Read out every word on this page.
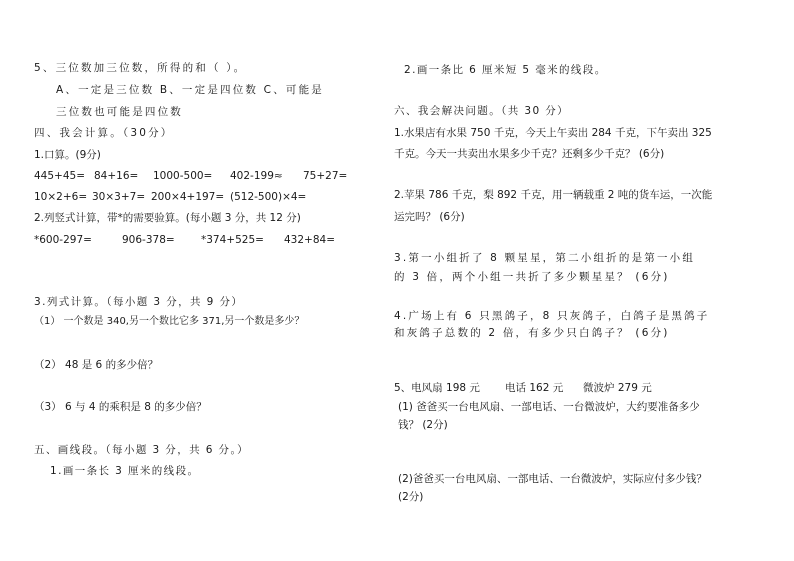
5、三位数加三位数，所得的和（ ）。
A、一定是三位数 B、一定是四位数 C、可能是
三位数也可能是四位数
四、我会计算。（30分）
1.口算。(9分)
445+45= 84+16= 1000-500= 402-199≈ 75+27=
10×2+6= 30×3+7= 200×4+197= (512-500)×4=
2.列竖式计算，带*的需要验算。(每小题 3 分，共 12 分)
*600-297=	906-378=	*374+525= 432+84=
3.列式计算。（每小题 3 分，共 9 分）
（1） 一个数是 340,另一个数比它多 371,另一个数是多少？
（2） 48 是 6 的多少倍？
（3） 6 与 4 的乘积是 8 的多少倍？
五、画线段。（每小题 3 分，共 6 分。）
1.画一条长 3 厘米的线段。
2.画一条比 6 厘米短 5 毫米的线段。
六、我会解决问题。（共 30 分）
1.水果店有水果 750 千克，今天上午卖出 284 千克，下午卖出 325
千克。今天一共卖出水果多少千克？还剩多少千克？ (6分)
2.苹果 786 千克，梨 892 千克，用一辆载重 2 吨的货车运，一次能
运完吗？ (6分)
3.第一小组折了 8 颗星星，第二小组折的是第一小组
的 3 倍，两个小组一共折了多少颗星星？ (6分)
4.广场上有 6 只黑鸽子，8 只灰鸽子，白鸽子是黑鸽子
和灰鸽子总数的 2 倍，有多少只白鸽子？ (6分)
5、电风扇 198 元 电话 162 元 微波炉 279 元
(1) 爸爸买一台电风扇、一部电话、一台微波炉，大约要准备多少
钱？ (2分)
(2)爸爸买一台电风扇、一部电话、一台微波炉，实际应付多少钱？
(2分)
